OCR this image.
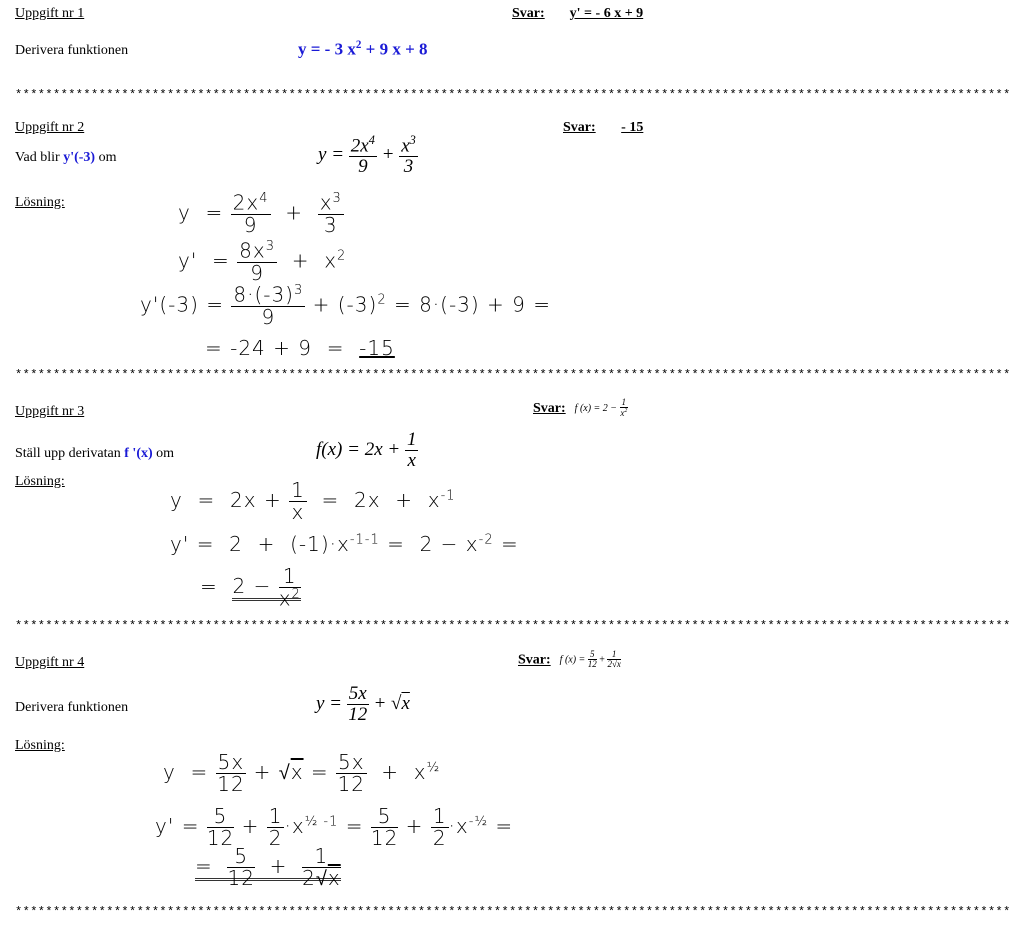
Uppgift nr 1	Svar: y' = - 6 x + 9
Derivera funktionen	y = - 3 $x^2 + 9$ x + 8
***********************************************************************************************************************************
Uppgift nr 2	Svar: - 15
Vad blir y'(-3) om	$y = \frac{2x^4}{9} + \frac{x^3}{3}$
Lösning:	$y = \frac{2x^4}{9} + \frac{x^3}{3}$
$y' = \frac{8x^3}{9} + x^2$
$y'(-3) = \frac{8\cdot(-3)^3}{9} + (-3)^2 = 8\cdot(-3) + 9$ =
= -24 + 9  =  -15
***********************************************************************************************************************************
Uppgift nr 3	Svar:   f $(x) = 2 - \frac{1}{x^2}$
Ställ upp derivatan f '(x) om	$f(x) = 2x + \frac{1}{x}$
Lösning:
$y = 2x + \frac{1}{x} = 2x + x^{-1}$
$y' = 2 + (-1)\cdot x^{-1-1} = 2 - x^{-2}$ =
=  $2 - \frac{1}{x^2}$
***********************************************************************************************************************************
Uppgift nr 4	Svar:   f $(x) = \frac{5}{12} + \frac{1}{2√x}$
Derivera funktionen	$y = \frac{5x}{12} + √x$
Lösning:
$y = \frac{5x}{12} + √x = \frac{5x}{12} + x^{\frac{1}{2}}$
$y' = \frac{5}{12} + \frac{1}{2} \cdot x^{\frac{1}{2} -1} = \frac{5}{12} + \frac{1}{2} \cdot x^{-\frac{1}{2}}$ =
= $\frac{5}{12} + \frac{1}{2√x}$
***********************************************************************************************************************************
